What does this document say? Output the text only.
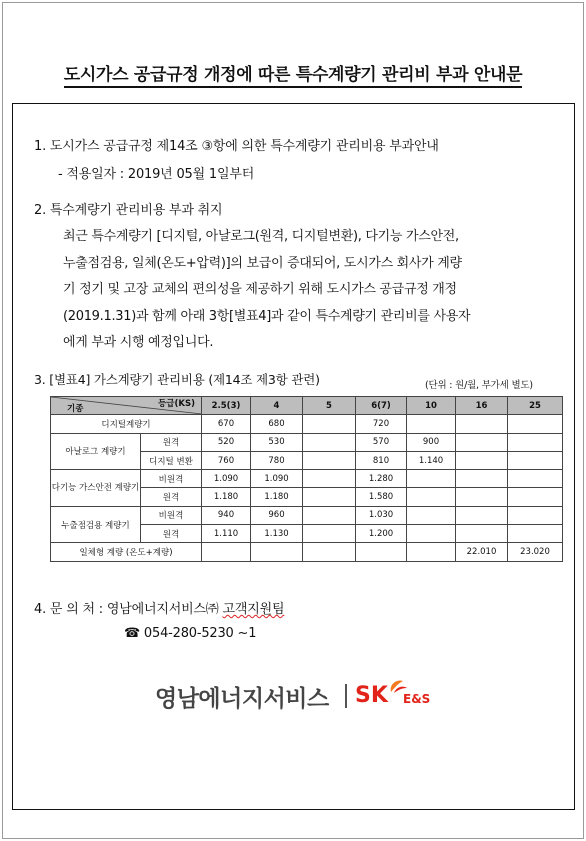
도시가스 공급규정 개정에 따른 특수계량기 관리비 부과 안내문
1. 도시가스 공급규정 제14조 ③항에 의한 특수계량기 관리비용 부과안내
- 적용일자 : 2019년 05월 1일부터
2. 특수계량기 관리비용 부과 취지
최근 특수계량기 [디지털, 아날로그(원격, 디지털변환), 다기능 가스안전,
누출점검용, 일체(온도+압력)]의 보급이 증대되어, 도시가스 회사가 계량
기 정기 및 고장 교체의 편의성을 제공하기 위해 도시가스 공급규정 개정
(2019.1.31)과 함께 아래 3항[별표4]과 같이 특수계량기 관리비를 사용자
에게 부과 시행 예정입니다.
3. [별표4] 가스계량기 관리비용 (제14조 제3항 관련)	(단위 : 원/월, 부가세 별도)
기종
등급(KS)		2.5(3)	4	5	6(7)	10	16	25
디지털계량기		670	680		720			
아날로그 계량기	원격	520	530		570	900		
	디지털 변환	760	780		810	1.140		
다기능 가스안전 계량기	비원격	1.090	1.090		1.280			
	원격	1.180	1.180		1.580			
누출점검용 계량기	비원격	940	960		1.030			
	원격	1.110	1.130		1.200			
일체형 계량 (온도+계량)							22.010	23.020
4. 문 의 처 : 영남에너지서비스㈜ 고객지원팀
☎ 054-280-5230 ~1
영남에너지서비스 SK E&S
